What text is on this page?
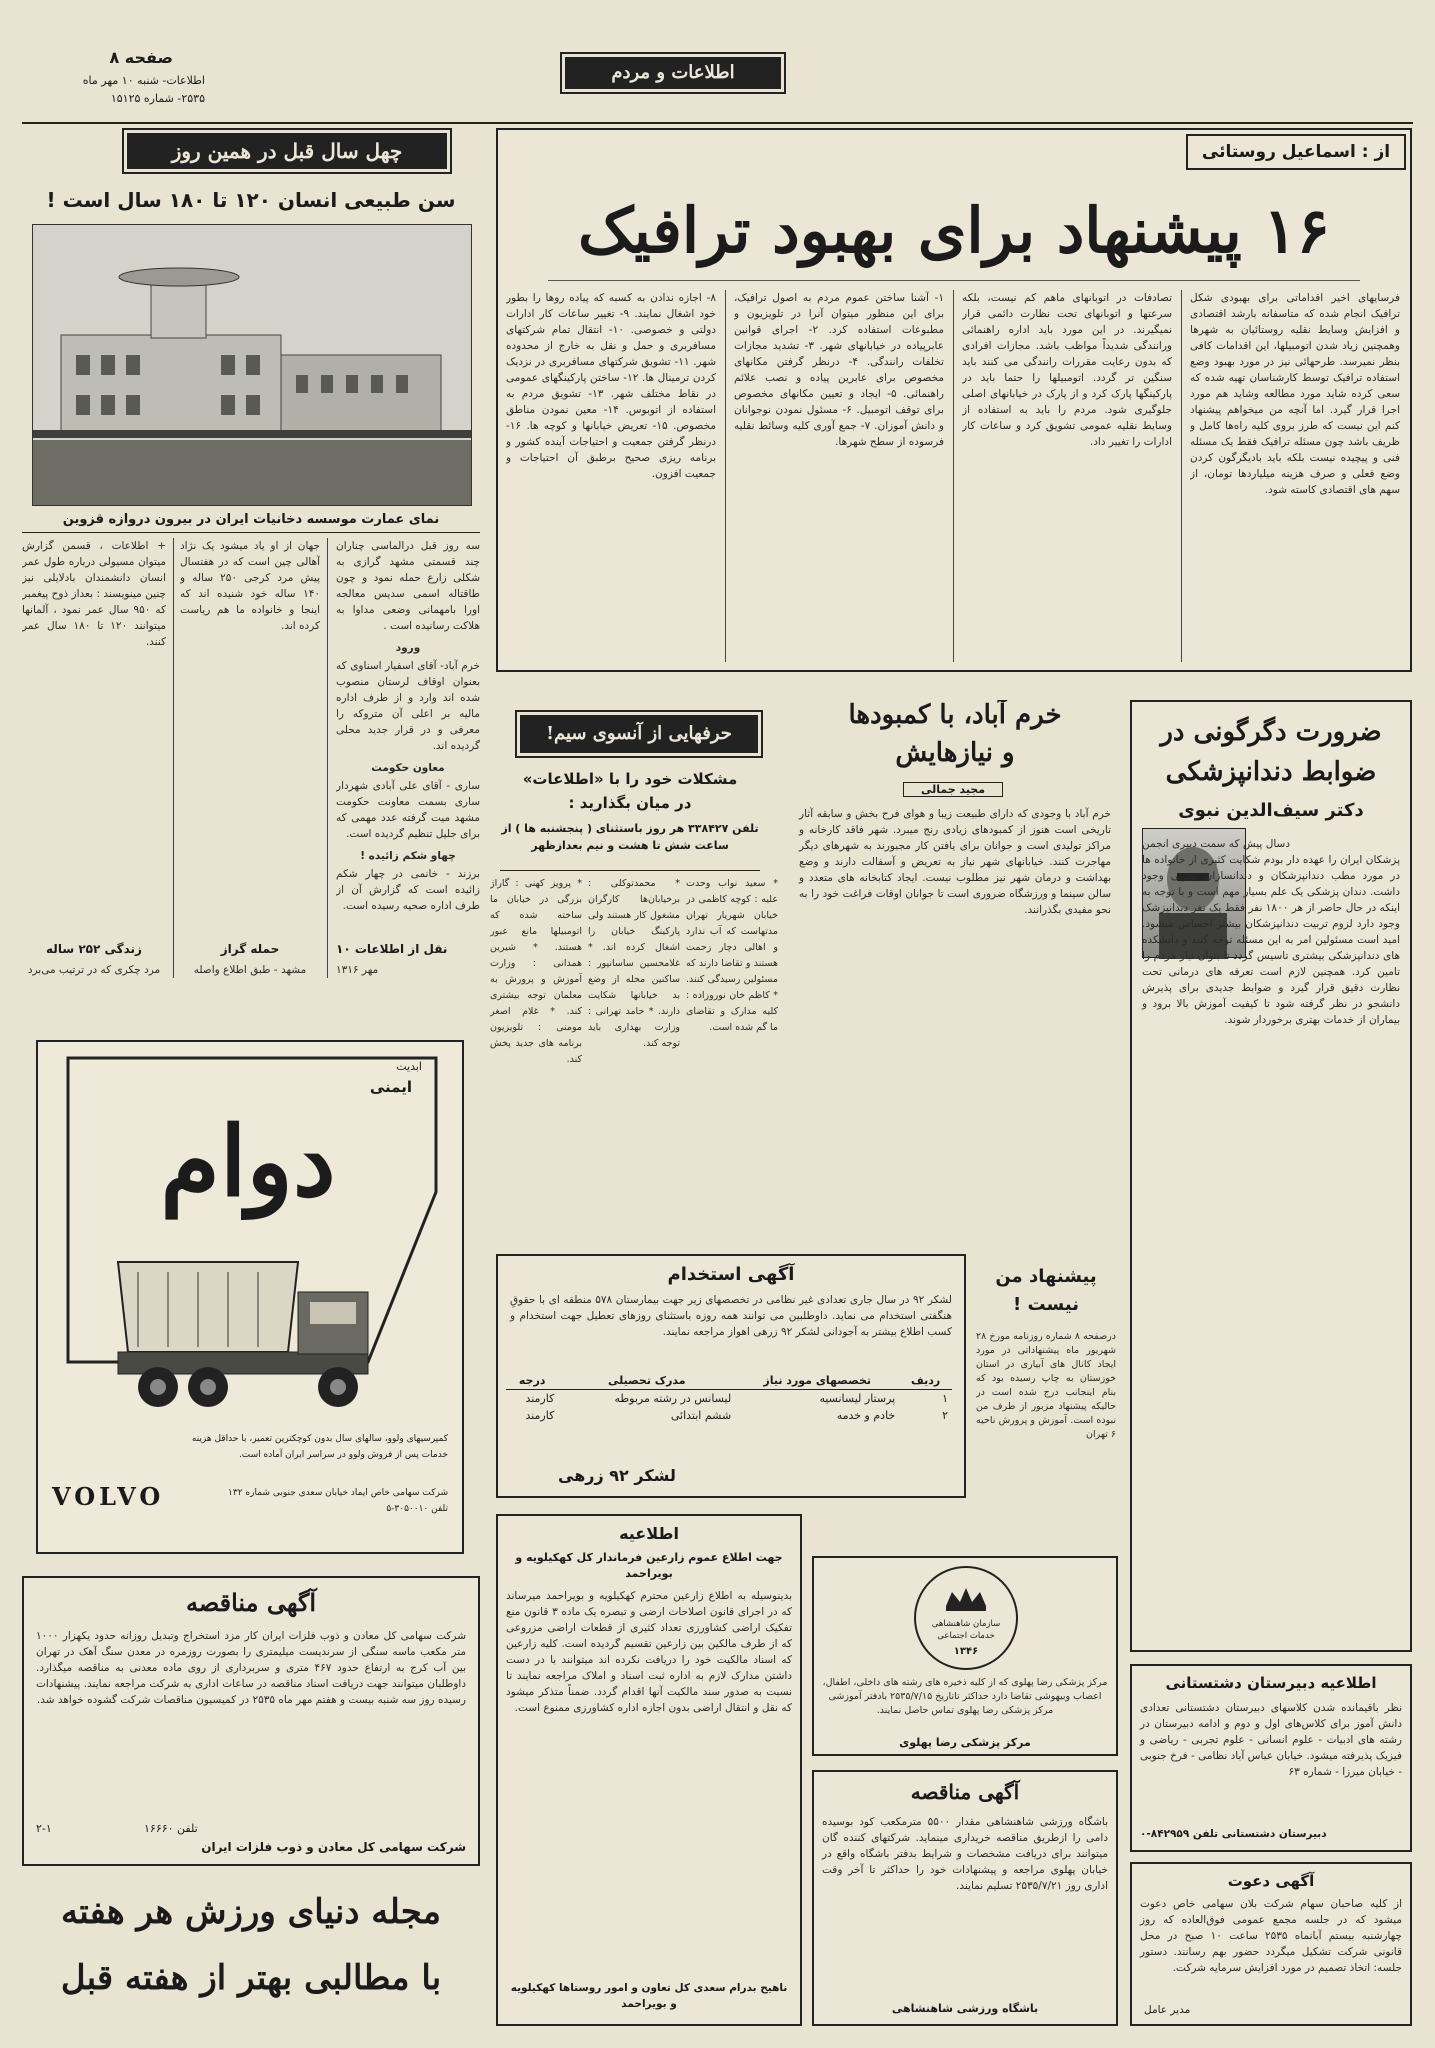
صفحه ۸
اطلاعات- شنبه ۱۰ مهر ماه
۲۵۳۵- شماره ۱۵۱۲۵
اطلاعات و مردم
از : اسماعیل روستائی
۱۶ پیشنهاد برای بهبود ترافیک
فرسایهای اخیر اقداماتی برای بهبودی شکل ترافیک انجام شده که متاسفانه بارشد اقتصادی و افزایش وسایط نقلیه روستائیان به شهرها وهمچنین زیاد شدن اتومبیلها، این اقدامات کافی بنظر نمیرسد. طرحهائی نیز در مورد بهبود وضع استفاده ترافیک توسط کارشناسان تهیه شده که سعی کرده شاید مورد مطالعه وشاید هم مورد اجرا قرار گیرد. اما آنچه من میخواهم پیشنهاد کنم این نیست که طرز بروی کلیه راه‌ها کامل و ظریف باشد چون مسئله ترافیک فقط یک مسئله فنی و پیچیده نیست بلکه باید بادیگرگون کردن وضع فعلی و صرف هزینه میلیاردها تومان، از سهم های اقتصادی کاسته شود.
تصادفات در اتوبانهای ماهم کم نیست، بلکه سرعتها و اتوبانهای تحت نظارت دائمی قرار نمیگیرند. در این مورد باید اداره راهنمائی ورانندگی شدیداً مواظب باشد. مجازات افرادی که بدون رعایت مقررات رانندگی می کنند باید سنگین تر گردد. اتومبیلها را حتما باید در پارکینگها پارک کرد و از پارک در خیابانهای اصلی جلوگیری شود. مردم را باید به استفاده از وسایط نقلیه عمومی تشویق کرد و ساعات کار ادارات را تغییر داد.
۱- آشنا ساختن عموم مردم به اصول ترافیک، برای این منظور میتوان آنرا در تلویزیون و مطبوعات استفاده کرد. ۲- اجرای قوانین عابرپیاده در خیابانهای شهر. ۳- تشدید مجازات تخلفات رانندگی. ۴- درنظر گرفتن مکانهای مخصوص برای عابرین پیاده و نصب علائم راهنمائی. ۵- ایجاد و تعیین مکانهای مخصوص برای توقف اتومبیل. ۶- مسئول نمودن نوجوانان و دانش آموزان. ۷- جمع آوری کلیه وسائط نقلیه فرسوده از سطح شهرها.
۸- اجازه ندادن به کسبه که پیاده روها را بطور خود اشغال نمایند. ۹- تغییر ساعات کار ادارات دولتی و خصوصی. ۱۰- انتقال تمام شرکتهای مسافربری و حمل و نقل به خارج از محدوده شهر. ۱۱- تشویق شرکتهای مسافربری در نزدیک کردن ترمینال ها. ۱۲- ساختن پارکینگهای عمومی در نقاط مختلف شهر. ۱۳- تشویق مردم به استفاده از اتوبوس. ۱۴- معین نمودن مناطق مخصوص. ۱۵- تعریض خیابانها و کوچه ها. ۱۶- درنظر گرفتن جمعیت و احتیاجات آینده کشور و برنامه ریزی صحیح برطبق آن احتیاجات و جمعیت افزون.
چهل سال قبل در همین روز
سن طبیعی انسان ۱۲۰ تا ۱۸۰ سال است !
نمای عمارت موسسه دخانیات ایران در بیرون دروازه قزوین

سه روز قبل درالماسی چناران چند قسمتی مشهد گرازی به شکلی زارع حمله نمود و چون طاقتاله اسمی سدیس معالجه اورا بامهمانی وضعی مداوا به هلاکت رسانیده است .

ورود

خرم آباد- آقای اسفیار اسناوی که بعنوان اوقاف لرستان منصوب شده اند وارد و از طرف اداره مالیه بر اعلی آن متروکه را معرفی و در قرار جدید محلی گردیده اند.

معاون حکومت

ساری - آقای علی آبادی شهردار ساری بسمت معاونت حکومت مشهد میت گرفته عدد مهمی که برای جلیل تنظیم گردیده است.

چهاو شکم زائیده !

برزند - خانمی در چهار شکم زائیده است که گزارش آن از طرف اداره صحیه رسیده است.

جهان از او یاد میشود یک نژاد آهالی چین است که در هفتسال پیش مرد کرجی ۲۵۰ ساله و ۱۴۰ ساله خود شنیده اند که اینجا و خانواده ما هم ریاست کرده اند.
+ اطلاعات ، قسمن گزارش میتوان مسیولی درباره طول عمر انسان دانشمندان بادلایلی نیز چنین مینویسند : بعداز ذوح پیغمبر که ۹۵۰ سال عمر نمود ، آلمانها میتوانند ۱۲۰ تا ۱۸۰ سال عمر کنند.
حمله گراز
مشهد - طبق اطلاع واصله
زندگی ۲۵۲ ساله
مرد چکری که در ترتیب می‌برد
نقل از اطلاعات ۱۰
مهر ۱۳۱۶
ایمنی
ابدیت
دوام
کمپرسیهای ولوو، سالهای سال بدون کوچکترین تعمیر، با حداقل هزینه
خدمات پس از فروش ولوو در سراسر ایران آماده است.
VOLVO	شرکت سهامی خاص ایماد خیابان سعدی جنوبی شماره ۱۳۲
تلفن ۳۰۵۰۰۱۰-۵
ضرورت دگرگونی در ضوابط دندانپزشکی
دکتر سیف‌الدین نبوی
دسال پیش که سمت دبیری انجمن پزشکان ایران را عهده دار بودم شکایت کثیری از خانواده ها در مورد مطب دندانپزشکان و دندانسازان تجربی وجود داشت. دندان پزشکی یک علم بسیار مهم است و با توجه به اینکه در حال حاضر از هر ۱۸۰۰ نفر فقط یک نفر دندانپزشک وجود دارد لزوم تربیت دندانپزشکان بیشتر احساس میشود. امید است مسئولین امر به این مسئله توجه کنند و دانشکده های دندانپزشکی بیشتری تاسیس گردد تا بتوان نیاز مردم را تامین کرد. همچنین لازم است تعرفه های درمانی تحت نظارت دقیق قرار گیرد و ضوابط جدیدی برای پذیرش دانشجو در نظر گرفته شود تا کیفیت آموزش بالا برود و بیماران از خدمات بهتری برخوردار شوند.
خرم آباد، با کمبودها
و نیازهایش
مجید جمالی
خرم آباد با وجودی که دارای طبیعت زیبا و هوای فرح بخش و سابقه آثار تاریخی است هنوز از کمبودهای زیادی رنج میبرد. شهر فاقد کارخانه و مراکز تولیدی است و جوانان برای یافتن کار مجبورند به شهرهای دیگر مهاجرت کنند. خیابانهای شهر نیاز به تعریض و آسفالت دارند و وضع بهداشت و درمان شهر نیز مطلوب نیست. ایجاد کتابخانه های متعدد و سالن سینما و ورزشگاه ضروری است تا جوانان اوقات فراغت خود را به نحو مفیدی بگذرانند.
حرفهایی از آنسوی سیم!
مشکلات خود را با «اطلاعات»
در میان بگذارید :
تلفن ۳۳۸۴۲۷ هر روز باستثنای ( پنجشنبه ها ) از ساعت شش تا هشت و نیم بعدازظهر
* سعید نواب وحدت علیه : کوچه کاظمی در خیابان شهریار تهران مدتهاست که آب ندارد و اهالی دچار زحمت هستند و تقاضا دارند که مسئولین رسیدگی کنند. * کاظم خان نوروزاده : کلیه مدارک و تقاضای ما گم شده است.
* محمدتوکلی : برخیابان‌ها کارگران مشغول کار هستند ولی پارکینگ خیابان را اشغال کرده اند. * غلامحسین ساسانپور : ساکنین محله از وضع بد خیابانها شکایت دارند. * حامد تهرانی : وزارت بهداری باید توجه کند.
* پرویز کهنی : گارا‌ژ بزرگی در خیابان ما ساخته شده که اتومبیلها مانع عبور هستند. * شیرین همدانی : وزارت آموزش و پرورش به معلمان توجه بیشتری کند. * غلام اصغر مومنی : تلویزیون برنامه های جدید پخش کند.
آگهی استخدام
لشکر ۹۲ در سال جاری تعدادی غیر نظامی در تخصصهای زیر جهت بیمارستان ۵۷۸ منطقه ای با حقوقِ هنگفتی استخدام می نماید. داوطلبین می توانند همه روزه باستثنای روزهای تعطیل جهت استخدام و کسب اطلاع بیشتر به آجودانی لشکر ۹۲ زرهی اهواز مراجعه نمایند.
ردیف	تخصصهای مورد نیاز	مدرک تحصیلی	درجه
۱	پرستار لیسانسیه	لیسانس در رشته مربوطه	کارمند
۲	خادم و خدمه	ششم ابتدائی	کارمند
لشکر ۹۲ زرهی
پیشنهاد من
نیست !
درصفحه ۸ شماره روزنامه مورخ ۲۸ شهریور ماه پیشنهاداتی در مورد ایجاد کانال های آبیاری در استان خوزستان به چاپ رسیده بود که بنام اینجانب درج شده است در حالیکه پیشنهاد مزبور از طرف من نبوده است. آموزش و پرورش ناحیه ۶ تهران
آگهی مناقصه
شرکت سهامی کل معادن و ذوب فلزات ایران کار مزد استخراج وتبدیل روزانه حدود یکهزار ۱۰۰۰ متر مکعب ماسه سنگی از سرندیست میلیمتری را بصورت روزمره در معدن سنگ آهک در تهران بین آب کرج به ارتفاع حدود ۴۶۷ متری و سربرداری از روی ماده معدنی به مناقصه میگذارد. داوطلبان میتوانند جهت دریافت اسناد مناقصه در ساعات اداری به شرکت مراجعه نمایند. پیشنهادات رسیده روز سه شنبه بیست و هفتم مهر ماه ۲۵۳۵ در کمیسیون مناقصات شرکت گشوده خواهد شد.
۲-۱	تلفن ۱۶۶۶۰
شرکت سهامی کل معادن و ذوب فلزات ایران
مجله دنیای ورزش هر هفته
با مطالبی بهتر از هفته قبل
اطلاعیه
جهت اطلاع عموم زارعین فرماندار کل کهکیلویه و بویراحمد
بدینوسیله به اطلاع زارعین محترم کهکیلویه و بویراحمد میرساند که در اجرای قانون اصلاحات ارضی و تبصره یک ماده ۳ قانون منع تفکیک اراضی کشاورزی تعداد کثیری از قطعات اراضی مزروعی که از طرف مالکین بین زارعین تقسیم گردیده است. کلیه زارعین که اسناد مالکیت خود را دریافت نکرده اند میتوانند با در دست داشتن مدارک لازم به اداره ثبت اسناد و املاک مراجعه نمایند تا نسبت به صدور سند مالکیت آنها اقدام گردد. ضمناً متذکر میشود که نقل و انتقال اراضی بدون اجازه اداره کشاورزی ممنوع است.
ناهیح بدرام سعدی کل تعاون و امور روستاها کهکیلویه و بویراحمد
سازمان شاهنشاهی خدمات اجتماعی
۱۳۴۶
مرکز پزشکی رضا پهلوی که از کلیه ذخیره های رشته های داخلی، اطفال، اعصاب وبیهوشی تقاضا دارد حداکثر تاتاریخ ۲۵۳۵/۷/۱۵ بادفتر آموزشی مرکز پزشکی رضا پهلوی تماس حاصل نمایند.
مرکز پزشکی رضا پهلوی
آگهی مناقصه
باشگاه ورزشی شاهنشاهی مقدار ۵۵۰۰ مترمکعب کود بوسیده دامی را ازطریق مناقصه خریداری مینماید. شرکتهای کننده گان میتوانند برای دریافت مشخصات و شرایط بدفتر باشگاه واقع در خیابان پهلوی مراجعه و پیشنهادات خود را حداکثر تا آخر وقت اداری روز ۲۵۳۵/۷/۲۱ تسلیم نمایند.
باشگاه ورزشی شاهنشاهی
اطلاعیه دبیرستان دشتستانی
نظر باقیمانده شدن کلاسهای دبیرستان دشتستانی تعدادی دانش آموز برای کلاس‌های اول و دوم و ادامه دبیرستان در رشته های ادبیات - علوم انسانی - علوم تجربی - ریاضی و فیزیک پذیرفته میشود. خیابان عباس آباد نظامی - فرخ جنوبی - خیابان میرزا - شماره ۶۳
دبیرستان دشتستانی تلفن ۸۴۲۹۵۹-۰
آگهی دعوت
از کلیه صاحبان سهام شرکت بلان سهامی خاص دعوت میشود که در جلسه مجمع عمومی فوق‌العاده که روز چهارشنبه بیستم آبانماه ۲۵۳۵ ساعت ۱۰ صبح در محل قانونی شرکت تشکیل میگردد حضور بهم رسانند. دستور جلسه: اتخاذ تصمیم در مورد افزایش سرمایه شرکت.
مدیر عامل
